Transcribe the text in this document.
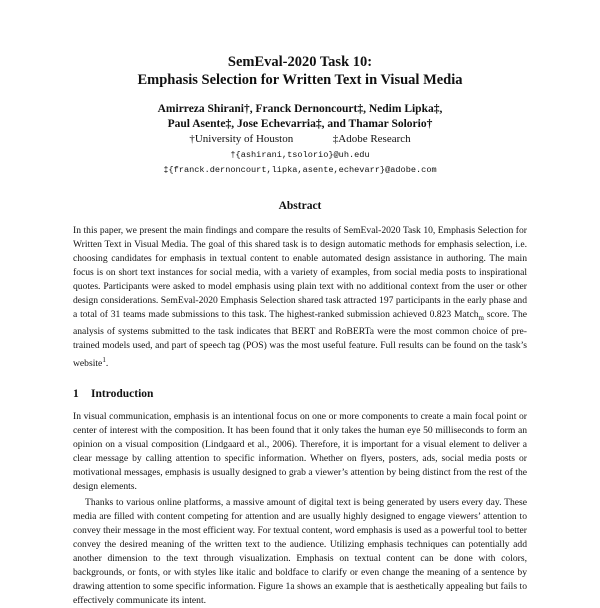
SemEval-2020 Task 10:
Emphasis Selection for Written Text in Visual Media
Amirreza Shirani†, Franck Dernoncourt‡, Nedim Lipka‡,
Paul Asente‡, Jose Echevarria‡, and Thamar Solorio†
†University of Houston	‡Adobe Research
†{ashirani,tsolorio}@uh.edu
‡{franck.dernoncourt,lipka,asente,echevarr}@adobe.com
Abstract

In this paper, we present the main findings and compare the results of SemEval-2020 Task 10, Emphasis Selection for Written Text in Visual Media. The goal of this shared task is to design automatic methods for emphasis selection, i.e. choosing candidates for emphasis in textual content to enable automated design assistance in authoring. The main focus is on short text instances for social media, with a variety of examples, from social media posts to inspirational quotes. Participants were asked to model emphasis using plain text with no additional context from the user or other design considerations. SemEval-2020 Emphasis Selection shared task attracted 197 participants in the early phase and a total of 31 teams made submissions to this task. The highest-ranked submission achieved 0.823 Match$_m$ score. The analysis of systems submitted to the task indicates that BERT and RoBERTa were the most common choice of pre-trained models used, and part of speech tag (POS) was the most useful feature. Full results can be found on the task’s website$^1$.

1 Introduction

In visual communication, emphasis is an intentional focus on one or more components to create a main focal point or center of interest with the composition. It has been found that it only takes the human eye 50 milliseconds to form an opinion on a visual composition (Lindgaard et al., 2006). Therefore, it is important for a visual element to deliver a clear message by calling attention to specific information. Whether on flyers, posters, ads, social media posts or motivational messages, emphasis is usually designed to grab a viewer’s attention by being distinct from the rest of the design elements.

Thanks to various online platforms, a massive amount of digital text is being generated by users every day. These media are filled with content competing for attention and are usually highly designed to engage viewers’ attention to convey their message in the most efficient way. For textual content, word emphasis is used as a powerful tool to better convey the desired meaning of the written text to the audience. Utilizing emphasis techniques can potentially add another dimension to the text through visualization. Emphasis on textual content can be done with colors, backgrounds, or fonts, or with styles like italic and boldface to clarify or even change the meaning of a sentence by drawing attention to some specific information. Figure 1a shows an example that is aesthetically appealing but fails to effectively communicate its intent.
